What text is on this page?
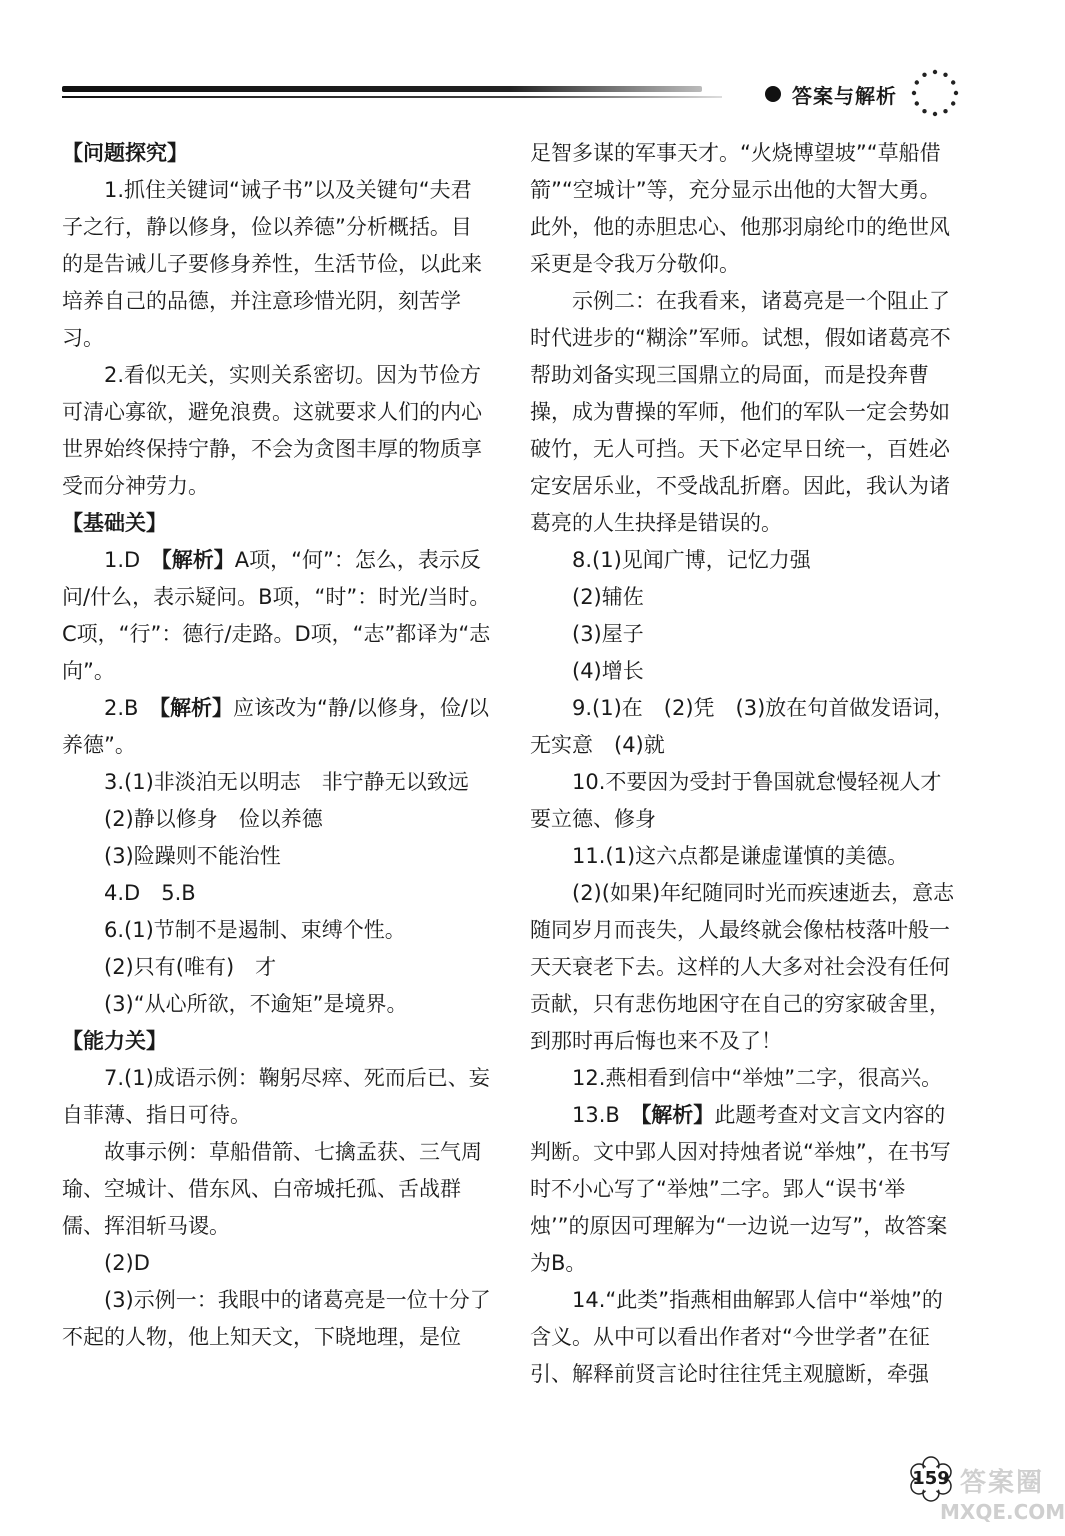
答案与解析

【问题探究】

1.抓住关键词“诫子书”以及关键句“夫君子之行，静以修身，俭以养德”分析概括。目的是告诫儿子要修身养性，生活节俭，以此来培养自己的品德，并注意珍惜光阴，刻苦学习。

2.看似无关，实则关系密切。因为节俭方可清心寡欲，避免浪费。这就要求人们的内心世界始终保持宁静，不会为贪图丰厚的物质享受而分神劳力。

【基础关】

1.D　【解析】A项，“何”：怎么，表示反问/什么，表示疑问。B项，“时”：时光/当时。C项，“行”：德行/走路。D项，“志”都译为“志向”。

2.B　【解析】应该改为“静/以修身，俭/以养德”。

3.(1)非淡泊无以明志　非宁静无以致远

(2)静以修身　俭以养德

(3)险躁则不能治性

4.D　5.B

6.(1)节制不是遏制、束缚个性。

(2)只有(唯有)　才

(3)“从心所欲，不逾矩”是境界。

【能力关】

7.(1)成语示例：鞠躬尽瘁、死而后已、妄自菲薄、指日可待。

故事示例：草船借箭、七擒孟获、三气周瑜、空城计、借东风、白帝城托孤、舌战群儒、挥泪斩马谡。

(2)D

(3)示例一：我眼中的诸葛亮是一位十分了不起的人物，他上知天文，下晓地理，是位

足智多谋的军事天才。“火烧博望坡”“草船借箭”“空城计”等，充分显示出他的大智大勇。此外，他的赤胆忠心、他那羽扇纶巾的绝世风采更是令我万分敬仰。

示例二：在我看来，诸葛亮是一个阻止了时代进步的“糊涂”军师。试想，假如诸葛亮不帮助刘备实现三国鼎立的局面，而是投奔曹操，成为曹操的军师，他们的军队一定会势如破竹，无人可挡。天下必定早日统一，百姓必定安居乐业，不受战乱折磨。因此，我认为诸葛亮的人生抉择是错误的。

8.(1)见闻广博，记忆力强

(2)辅佐

(3)屋子

(4)增长

9.(1)在　(2)凭　(3)放在句首做发语词，无实意　(4)就

10.不要因为受封于鲁国就怠慢轻视人才　要立德、修身

11.(1)这六点都是谦虚谨慎的美德。

(2)(如果)年纪随同时光而疾速逝去，意志随同岁月而丧失，人最终就会像枯枝落叶般一天天衰老下去。这样的人大多对社会没有任何贡献，只有悲伤地困守在自己的穷家破舍里，到那时再后悔也来不及了！

12.燕相看到信中“举烛”二字，很高兴。

13.B　【解析】此题考查对文言文内容的判断。文中郢人因对持烛者说“举烛”，在书写时不小心写了“举烛”二字。郢人“误书‘举烛’”的原因可理解为“一边说一边写”，故答案为B。

14.“此类”指燕相曲解郢人信中“举烛”的含义。从中可以看出作者对“今世学者”在征引、解释前贤言论时往往凭主观臆断，牵强

159 答案圈
MXQE.COM
